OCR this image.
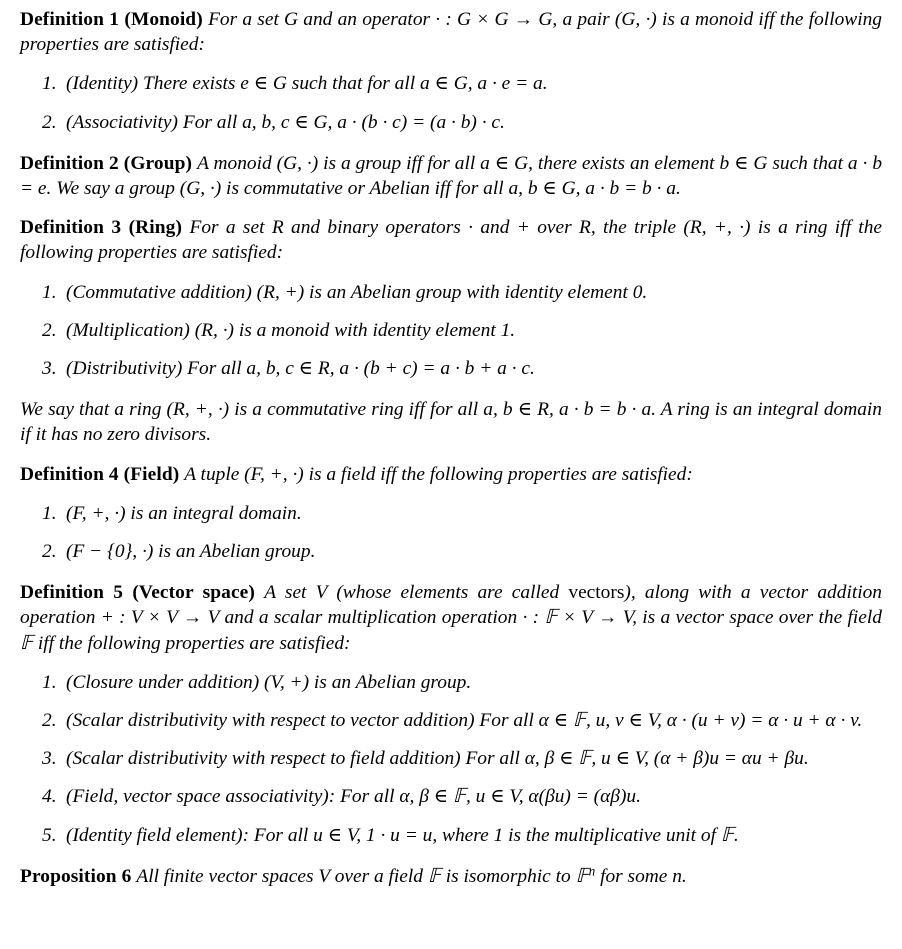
Definition 1 (Monoid) For a set G and an operator · : G × G → G, a pair (G, ·) is a monoid iff the following properties are satisfied:

1. (Identity) There exists e ∈ G such that for all a ∈ G, a · e = a.
2. (Associativity) For all a, b, c ∈ G, a · (b · c) = (a · b) · c.

Definition 2 (Group) A monoid (G, ·) is a group iff for all a ∈ G, there exists an element b ∈ G such that a · b = e. We say a group (G, ·) is commutative or Abelian iff for all a, b ∈ G, a · b = b · a.

Definition 3 (Ring) For a set R and binary operators · and + over R, the triple (R, +, ·) is a ring iff the following properties are satisfied:

1. (Commutative addition) (R, +) is an Abelian group with identity element 0.
2. (Multiplication) (R, ·) is a monoid with identity element 1.
3. (Distributivity) For all a, b, c ∈ R, a · (b + c) = a · b + a · c.

We say that a ring (R, +, ·) is a commutative ring iff for all a, b ∈ R, a · b = b · a. A ring is an integral domain if it has no zero divisors.

Definition 4 (Field) A tuple (F, +, ·) is a field iff the following properties are satisfied:

1. (F, +, ·) is an integral domain.
2. (F − {0}, ·) is an Abelian group.

Definition 5 (Vector space) A set V (whose elements are called vectors), along with a vector addition operation + : V × V → V and a scalar multiplication operation · : 𝔽 × V → V, is a vector space over the field 𝔽 iff the following properties are satisfied:

1. (Closure under addition) (V, +) is an Abelian group.
2. (Scalar distributivity with respect to vector addition) For all α ∈ 𝔽, u, v ∈ V, α · (u + v) = α · u + α · v.
3. (Scalar distributivity with respect to field addition) For all α, β ∈ 𝔽, u ∈ V, (α + β)u = αu + βu.
4. (Field, vector space associativity): For all α, β ∈ 𝔽, u ∈ V, α(βu) = (αβ)u.
5. (Identity field element): For all u ∈ V, 1 · u = u, where 1 is the multiplicative unit of 𝔽.

Proposition 6 All finite vector spaces V over a field 𝔽 is isomorphic to 𝔽$^n$ for some n.
